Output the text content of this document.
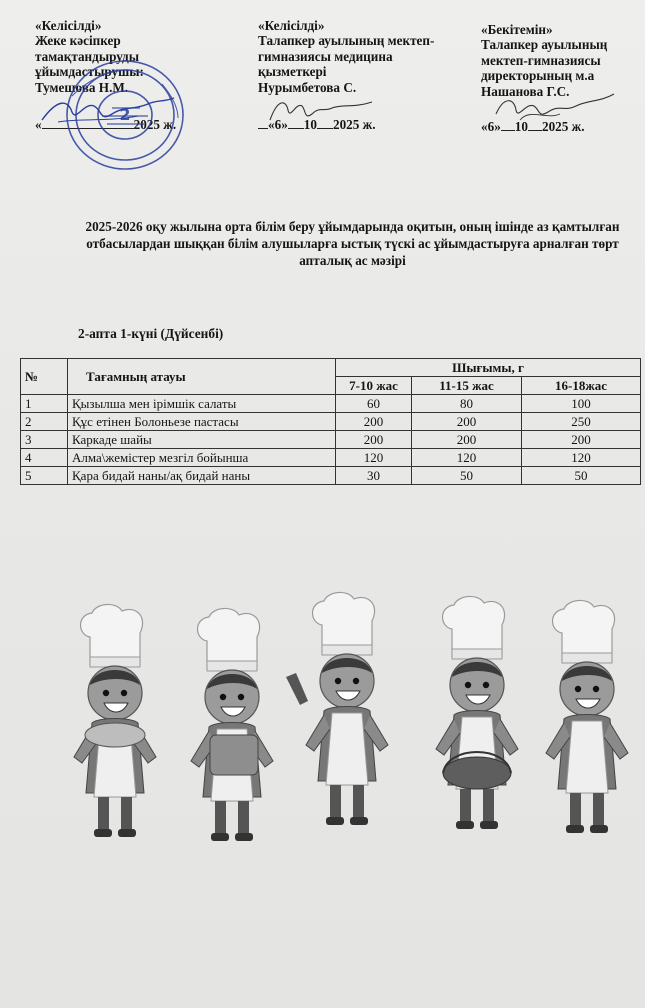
«Келісілді»
Жеке кәсіпкер
тамақтандыруды
ұйымдастырушы:
Тумешова Н.М.
«	2025 ж.
2
«Келісілді»
Талапкер ауылының мектеп-
гимназиясы медицина
қызметкері
Нурымбетова С.
«6» 10 2025 ж.
«Бекітемін»
Талапкер ауылының
мектеп-гимназиясы
директорының м.а
Нашанова Г.С.
«6» 10 2025 ж.
2025-2026 оқу жылына орта білім беру ұйымдарында оқитын, оның ішінде аз қамтылған отбасылардан шыққан білім алушыларға ыстық түскі ас ұйымдастыруға арналған төрт апталық ас мәзірі
2-апта 1-күні (Дүйсенбі)
№	Тағамның атауы	Шығымы, г		
		7-10 жас	11-15 жас	16-18жас
1	Қызылша мен ірімшік салаты	60	80	100
2	Құс етінен Болоньезе пастасы	200	200	250
3	Каркаде шайы	200	200	200
4	Алма\жемістер мезгіл бойынша	120	120	120
5	Қара бидай наны/ақ бидай наны	30	50	50
